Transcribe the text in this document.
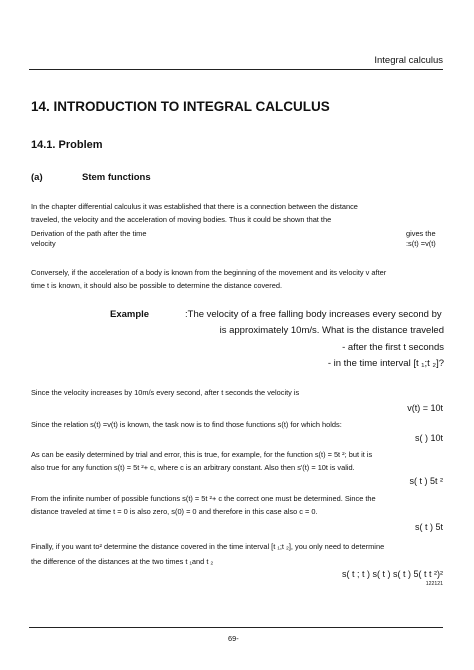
Integral calculus
14. INTRODUCTION TO INTEGRAL CALCULUS
14.1. Problem
(a)	Stem functions
In the chapter differential calculus it was established that there is a connection between the distance
traveled, the velocity and the acceleration of moving bodies. Thus it could be shown that the
Derivation of the path after the time	gives the
velocity	:s(t) =v(t)
Conversely, if the acceleration of a body is known from the beginning of the movement and its velocity v after
time t is known, it should also be possible to determine the distance covered.
Example	:The velocity of a free falling body increases every second by
is approximately 10m/s. What is the distance traveled
- after the first t seconds
- in the time interval [t ₁;t ₂]?
Since the velocity increases by 10m/s every second, after t seconds the velocity is
v(t) = 10t
Since the relation s(t) =v(t) is known, the task now is to find those functions s(t) for which holds:
s( ) 10t
As can be easily determined by trial and error, this is true, for example, for the function s(t) = 5t ²; but it is
also true for any function s(t) = 5t ²+ c, where c is an arbitrary constant. Also then s'(t) = 10t is valid.
s( t ) 5t ²
From the infinite number of possible functions s(t) = 5t ²+ c the correct one must be determined. Since the
distance traveled at time t = 0 is also zero, s(0) = 0 and therefore in this case also c = 0.
s( t ) 5t
Finally, if you want to² determine the distance covered in the time interval [t ₁;t ₂], you only need to determine
the difference of the distances at the two times t ₁and t ₂
s( t ; t ) s( t ) s( t ) 5( t t ²)²
122121
69-
